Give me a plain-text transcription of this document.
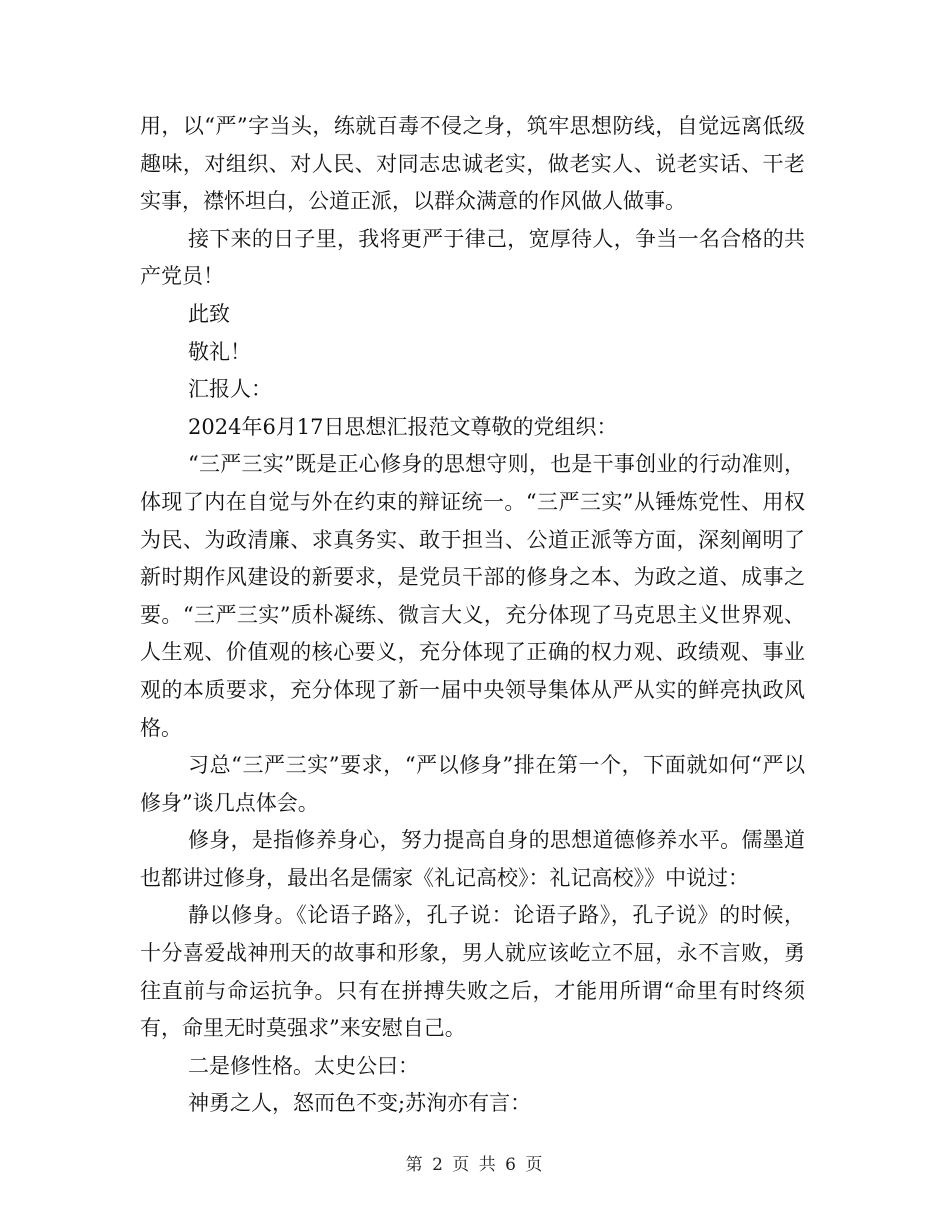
用，以“严”字当头，练就百毒不侵之身，筑牢思想防线，自觉远离低级趣味，对组织、对人民、对同志忠诚老实，做老实人、说老实话、干老实事，襟怀坦白，公道正派，以群众满意的作风做人做事。

接下来的日子里，我将更严于律己，宽厚待人，争当一名合格的共产党员！

此致

敬礼！

汇报人：

2024年6月17日思想汇报范文尊敬的党组织：

“三严三实”既是正心修身的思想守则，也是干事创业的行动准则，体现了内在自觉与外在约束的辩证统一。“三严三实”从锤炼党性、用权为民、为政清廉、求真务实、敢于担当、公道正派等方面，深刻阐明了新时期作风建设的新要求，是党员干部的修身之本、为政之道、成事之要。“三严三实”质朴凝练、微言大义，充分体现了马克思主义世界观、人生观、价值观的核心要义，充分体现了正确的权力观、政绩观、事业观的本质要求，充分体现了新一届中央领导集体从严从实的鲜亮执政风格。

习总“三严三实”要求，“严以修身”排在第一个，下面就如何“严以修身”谈几点体会。

修身，是指修养身心，努力提高自身的思想道德修养水平。儒墨道也都讲过修身，最出名是儒家《礼记高校》：礼记高校》》中说过：

静以修身。《论语子路》，孔子说：论语子路》，孔子说》的时候，十分喜爱战神刑天的故事和形象，男人就应该屹立不屈，永不言败，勇往直前与命运抗争。只有在拼搏失败之后，才能用所谓“命里有时终须有，命里无时莫强求”来安慰自己。

二是修性格。太史公曰：

神勇之人，怒而色不变;苏洵亦有言：

第 2 页 共 6 页
